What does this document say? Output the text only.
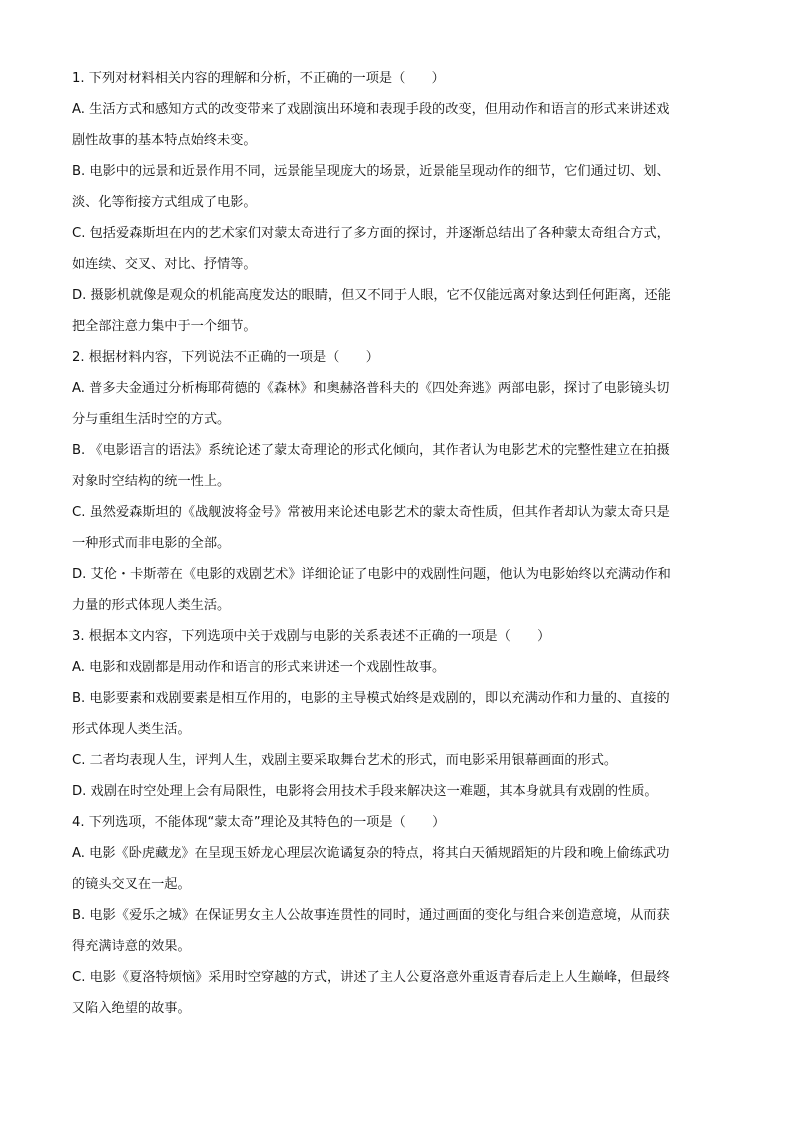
1. 下列对材料相关内容的理解和分析，不正确的一项是（　　）
A. 生活方式和感知方式的改变带来了戏剧演出环境和表现手段的改变，但用动作和语言的形式来讲述戏
剧性故事的基本特点始终未变。
B. 电影中的远景和近景作用不同，远景能呈现庞大的场景，近景能呈现动作的细节，它们通过切、划、
淡、化等衔接方式组成了电影。
C. 包括爱森斯坦在内的艺术家们对蒙太奇进行了多方面的探讨，并逐渐总结出了各种蒙太奇组合方式，
如连续、交叉、对比、抒情等。
D. 摄影机就像是观众的机能高度发达的眼睛，但又不同于人眼，它不仅能远离对象达到任何距离，还能
把全部注意力集中于一个细节。
2. 根据材料内容，下列说法不正确的一项是（　　）
A. 普多夫金通过分析梅耶荷德的《森林》和奥赫洛普科夫的《四处奔逃》两部电影，探讨了电影镜头切
分与重组生活时空的方式。
B. 《电影语言的语法》系统论述了蒙太奇理论的形式化倾向，其作者认为电影艺术的完整性建立在拍摄
对象时空结构的统一性上。
C. 虽然爱森斯坦的《战舰波将金号》常被用来论述电影艺术的蒙太奇性质，但其作者却认为蒙太奇只是
一种形式而非电影的全部。
D. 艾伦・卡斯蒂在《电影的戏剧艺术》详细论证了电影中的戏剧性问题，他认为电影始终以充满动作和
力量的形式体现人类生活。
3. 根据本文内容，下列选项中关于戏剧与电影的关系表述不正确的一项是（　　）
A. 电影和戏剧都是用动作和语言的形式来讲述一个戏剧性故事。
B. 电影要素和戏剧要素是相互作用的，电影的主导模式始终是戏剧的，即以充满动作和力量的、直接的
形式体现人类生活。
C. 二者均表现人生，评判人生，戏剧主要采取舞台艺术的形式，而电影采用银幕画面的形式。
D. 戏剧在时空处理上会有局限性，电影将会用技术手段来解决这一难题，其本身就具有戏剧的性质。
4. 下列选项，不能体现“蒙太奇”理论及其特色的一项是（　　）
A. 电影《卧虎藏龙》在呈现玉娇龙心理层次诡谲复杂的特点，将其白天循规蹈矩的片段和晚上偷练武功
的镜头交叉在一起。
B. 电影《爱乐之城》在保证男女主人公故事连贯性的同时，通过画面的变化与组合来创造意境，从而获
得充满诗意的效果。
C. 电影《夏洛特烦恼》采用时空穿越的方式，讲述了主人公夏洛意外重返青春后走上人生巅峰，但最终
又陷入绝望的故事。
